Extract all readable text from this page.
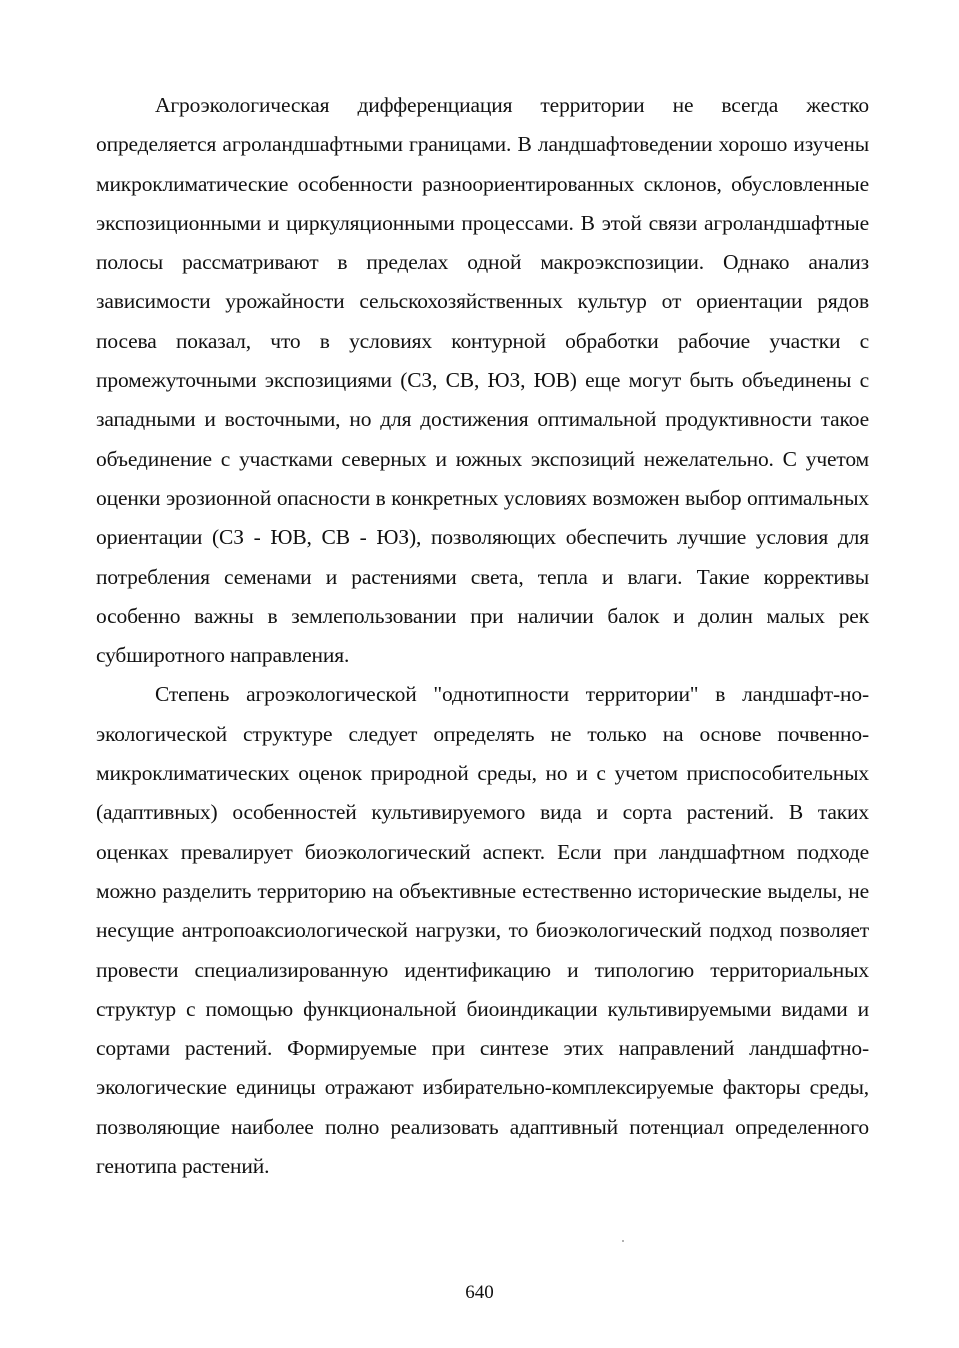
Агроэкологическая дифференциация территории не всегда жестко определяется агроландшафтными границами. В ландшафтоведении хорошо изучены микроклиматические особенности разноориентированных склонов, обусловленные экспозиционными и циркуляционными процессами. В этой связи агроландшафтные полосы рассматривают в пределах одной макроэкспозиции. Однако анализ зависимости урожайности сельскохозяйственных культур от ориентации рядов посева показал, что в условиях контурной обработки рабочие участки с промежуточными экспозициями (СЗ, СВ, ЮЗ, ЮВ) еще могут быть объединены с западными и восточными, но для достижения оптимальной продуктивности такое объединение с участками северных и южных экспозиций нежелательно. С учетом оценки эрозионной опасности в конкретных условиях возможен выбор оптимальных ориентации (СЗ - ЮВ, СВ - ЮЗ), позволяющих обеспечить лучшие условия для потребления семенами и растениями света, тепла и влаги. Такие коррективы особенно важны в землепользовании при наличии балок и долин малых рек субширотного направления.

Степень агроэкологической "однотипности территории" в ландшафт-но-экологической структуре следует определять не только на основе почвенно-микроклиматических оценок природной среды, но и с учетом приспособительных (адаптивных) особенностей культивируемого вида и сорта растений. В таких оценках превалирует биоэкологический аспект. Если при ландшафтном подходе можно разделить территорию на объективные естественно исторические выделы, не несущие антропоаксиологической нагрузки, то биоэкологический подход позволяет провести специализированную идентификацию и типологию территориальных структур с помощью функциональной биоиндикации культивируемыми видами и сортами растений. Формируемые при синтезе этих направлений ландшафтно-экологические единицы отражают избирательно-комплексируемые факторы среды, позволяющие наиболее полно реализовать адаптивный потенциал определенного генотипа растений.

640
